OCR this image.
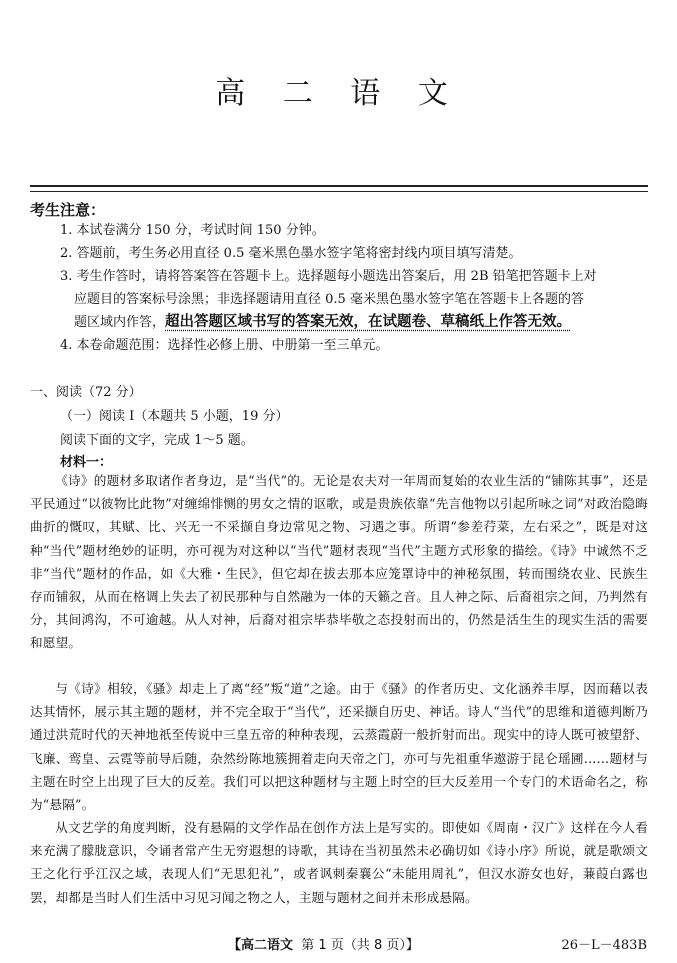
高 二 语 文
考生注意：
1. 本试卷满分 150 分，考试时间 150 分钟。
2. 答题前，考生务必用直径 0.5 毫米黑色墨水签字笔将密封线内项目填写清楚。
3. 考生作答时，请将答案答在答题卡上。选择题每小题选出答案后，用 2B 铅笔把答题卡上对
应题目的答案标号涂黑；非选择题请用直径 0.5 毫米黑色墨水签字笔在答题卡上各题的答
题区域内作答，超出答题区域书写的答案无效，在试题卷、草稿纸上作答无效。
4. 本卷命题范围：选择性必修上册、中册第一至三单元。
一、阅读（72 分）
（一）阅读 Ⅰ（本题共 5 小题，19 分）
阅读下面的文字，完成 1～5 题。
材料一：
《诗》的题材多取诸作者身边，是“当代”的。无论是农夫对一年周而复始的农业生活的“铺陈其事”，还是平民通过“以彼物比此物”对缠绵悱恻的男女之情的讴歌，或是贵族依靠“先言他物以引起所咏之词”对政治隐晦曲折的慨叹，其赋、比、兴无一不采撷自身边常见之物、习遇之事。所谓“参差荇菜，左右采之”，既是对这种“当代”题材绝妙的证明，亦可视为对这种以“当代”题材表现“当代”主题方式形象的描绘。《诗》中诚然不乏非“当代”题材的作品，如《大雅・生民》，但它却在拔去那本应笼罩诗中的神秘氛围，转而围绕农业、民族生存而铺叙，从而在格调上失去了初民那种与自然融为一体的天籁之音。且人神之际、后裔祖宗之间，乃判然有分，其间鸿沟，不可逾越。从人对神，后裔对祖宗毕恭毕敬之态投射而出的，仍然是活生生的现实生活的需要和愿望。
与《诗》相较，《骚》却走上了离“经”叛“道”之途。由于《骚》的作者历史、文化涵养丰厚，因而藉以表达其情怀，展示其主题的题材，并不完全取于“当代”，还采撷自历史、神话。诗人“当代”的思维和道德判断乃通过洪荒时代的天神地祇至传说中三皇五帝的种种表现，云蒸霞蔚一般折射而出。现实中的诗人既可被望舒、飞廉、鸾皇、云霓等前导后随，杂然纷陈地簇拥着走向天帝之门，亦可与先祖重华遨游于昆仑瑶圃……题材与主题在时空上出现了巨大的反差。我们可以把这种题材与主题上时空的巨大反差用一个专门的术语命名之，称为“悬隔”。
从文艺学的角度判断，没有悬隔的文学作品在创作方法上是写实的。即使如《周南・汉广》这样在今人看来充满了朦胧意识，令诵者常产生无穷遐想的诗歌，其诗在当初虽然未必确切如《诗小序》所说，就是歌颂文王之化行乎江汉之域，表现人们“无思犯礼”，或者讽刺秦襄公“未能用周礼”，但汉水游女也好，蒹葭白露也罢，却都是当时人们生活中习见习闻之物之人，主题与题材之间并未形成悬隔。
【高二语文 第 1 页（共 8 页）】	26－L－483B
